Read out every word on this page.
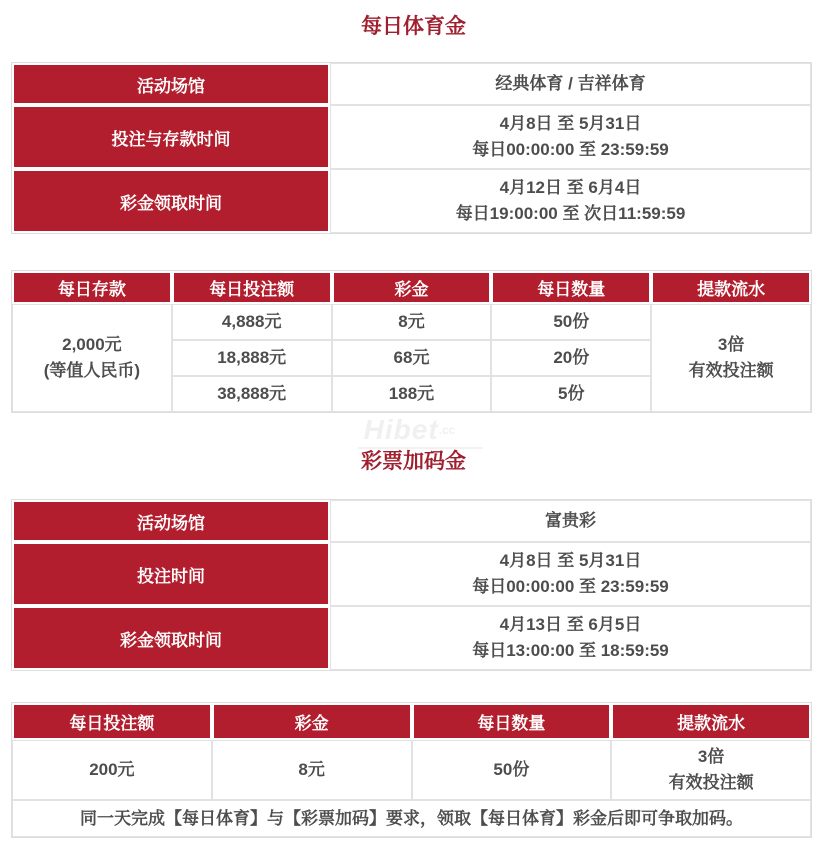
每日体育金
活动场馆	经典体育 / 吉祥体育

投注与存款时间	4月8日 至 5月31日
每日00:00:00 至 23:59:59

彩金领取时间	4月12日 至 6月4日
每日19:00:00 至 次日11:59:59
每日存款	每日投注额	彩金	每日数量	提款流水

2,000元
(等值人民币)	4,888元	8元	50份	3倍
有效投注额

	18,888元	68元	20份	
	38,888元	188元	5份	
Hibet.cc
彩票加码金
活动场馆	富贵彩

投注时间	4月8日 至 5月31日
每日00:00:00 至 23:59:59

彩金领取时间	4月13日 至 6月5日
每日13:00:00 至 18:59:59
每日投注额	彩金	每日数量	提款流水
200元	8元	50份	3倍
有效投注额

同一天完成【每日体育】与【彩票加码】要求，领取【每日体育】彩金后即可争取加码。			
